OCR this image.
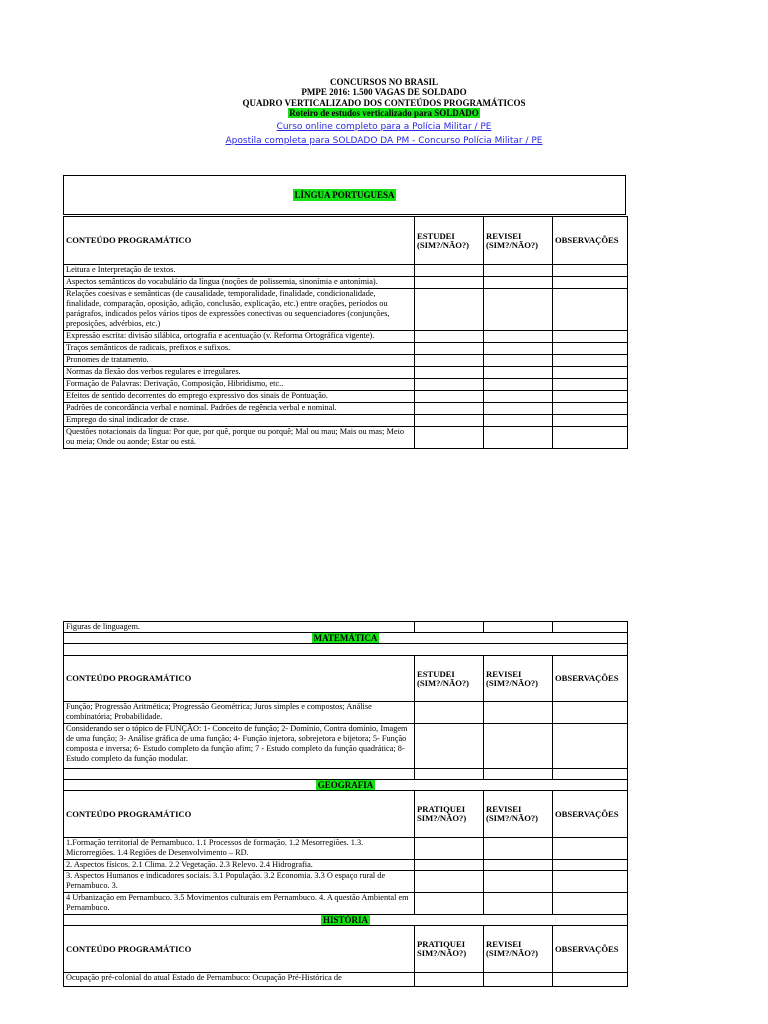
CONCURSOS NO BRASIL
PMPE 2016: 1.500 VAGAS DE SOLDADO
QUADRO VERTICALIZADO DOS CONTEÚDOS PROGRAMÁTICOS
Roteiro de estudos verticalizado para SOLDADO
Curso online completo para a Polícia Militar / PE
Apostila completa para SOLDADO DA PM - Concurso Polícia Militar / PE
LÍNGUA PORTUGUESA
CONTEÚDO PROGRAMÁTICO	ESTUDEI (SIM?/NÃO?)	REVISEI (SIM?/NÃO?)	OBSERVAÇÕES
Leitura e Interpretação de textos.			
Aspectos semânticos do vocabulário da língua (noções de polissemia, sinonímia e antonímia).			
Relações coesivas e semânticas (de causalidade, temporalidade, finalidade, condicionalidade, finalidade, comparação, oposição, adição, conclusão, explicação, etc.) entre orações, períodos ou parágrafos, indicados pelos vários tipos de expressões conectivas ou sequenciadores (conjunções, preposições, advérbios, etc.)			
Expressão escrita: divisão silábica, ortografia e acentuação (v. Reforma Ortográfica vigente).			
Traços semânticos de radicais, prefixos e sufixos.			
Pronomes de tratamento.			
Normas da flexão dos verbos regulares e irregulares.			
Formação de Palavras: Derivação, Composição, Hibridismo, etc..			
Efeitos de sentido decorrentes do emprego expressivo dos sinais de Pontuação.			
Padrões de concordância verbal e nominal. Padrões de regência verbal e nominal.			
Emprego do sinal indicador de crase.			
Questões notacionais da língua: Por que, por quê, porque ou porquê; Mal ou mau; Mais ou mas; Meio ou meia; Onde ou aonde; Estar ou está.			
Figuras de linguagem.			
MATEMÁTICA			

CONTEÚDO PROGRAMÁTICO	ESTUDEI (SIM?/NÃO?)	REVISEI (SIM?/NÃO?)	OBSERVAÇÕES
Função; Progressão Aritmética; Progressão Geométrica; Juros simples e compostos; Análise combinatória; Probabilidade.			
Considerando ser o tópico de FUNÇÃO: 1- Conceito de função; 2- Domínio, Contra domínio, Imagem de uma função; 3- Análise gráfica de uma função; 4- Função injetora, sobrejetora e bijetora; 5- Função composta e inversa; 6- Estudo completo da função afim; 7 - Estudo completo da função quadrática; 8- Estudo completo da função modular.			

GEOGRAFIA			
CONTEÚDO PROGRAMÁTICO	PRATIQUEI SIM?/NÃO?)	REVISEI (SIM?/NÃO?)	OBSERVAÇÕES
1.Formação territorial de Pernambuco. 1.1 Processos de formação. 1.2 Mesorregiões. 1.3. Microrregiões. 1.4 Regiões de Desenvolvimento – RD.			
2. Aspectos físicos. 2.1 Clima. 2.2 Vegetação. 2.3 Relevo. 2.4 Hidrografia.			
3. Aspectos Humanos e indicadores sociais. 3.1 População. 3.2 Economia. 3.3 O espaço rural de Pernambuco. 3.			
4 Urbanização em Pernambuco. 3.5 Movimentos culturais em Pernambuco. 4. A questão Ambiental em Pernambuco.			
HISTÓRIA			
CONTEÚDO PROGRAMÁTICO	PRATIQUEI SIM?/NÃO?)	REVISEI (SIM?/NÃO?)	OBSERVAÇÕES
Ocupação pré-colonial do atual Estado de Pernambuco: Ocupação Pré-Histórica de			
